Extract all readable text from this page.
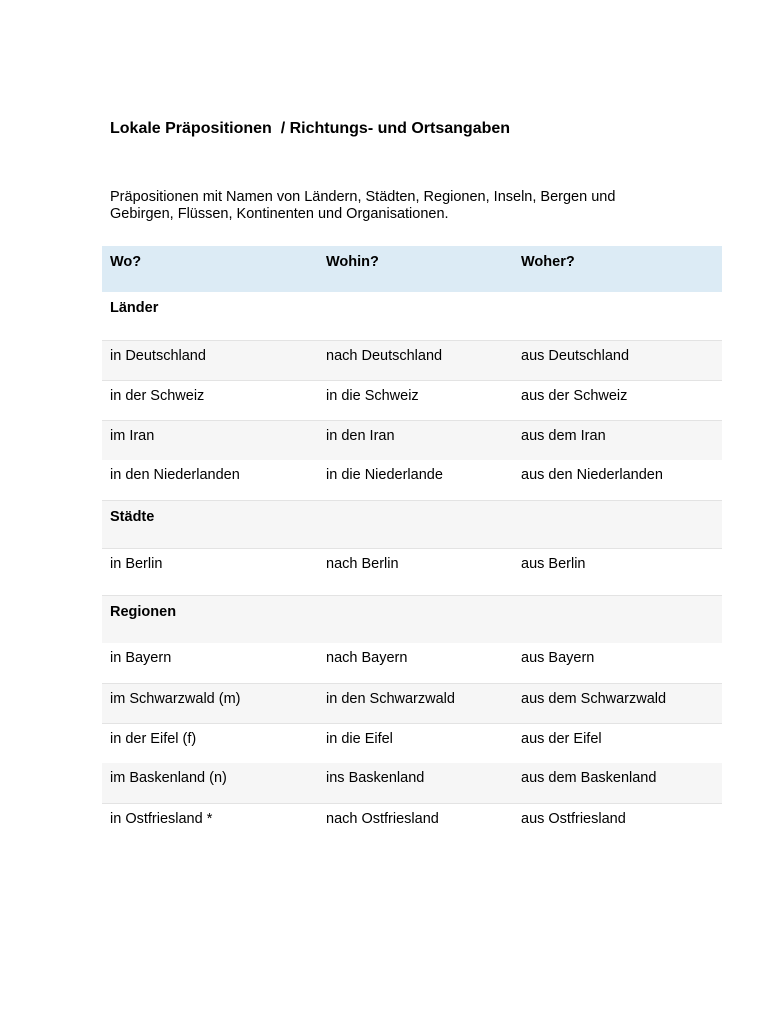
Lokale Präpositionen  / Richtungs- und Ortsangaben

Präpositionen mit Namen von Ländern, Städten, Regionen, Inseln, Bergen und
Gebirgen, Flüssen, Kontinenten und Organisationen.

Wo?	Wohin?	Woher?
Länder		
in Deutschland	nach Deutschland	aus Deutschland
in der Schweiz	in die Schweiz	aus der Schweiz
im Iran	in den Iran	aus dem Iran
in den Niederlanden	in die Niederlande	aus den Niederlanden
Städte		
in Berlin	nach Berlin	aus Berlin
Regionen		
in Bayern	nach Bayern	aus Bayern
im Schwarzwald (m)	in den Schwarzwald	aus dem Schwarzwald
in der Eifel (f)	in die Eifel	aus der Eifel
im Baskenland (n)	ins Baskenland	aus dem Baskenland
in Ostfriesland *	nach Ostfriesland	aus Ostfriesland
